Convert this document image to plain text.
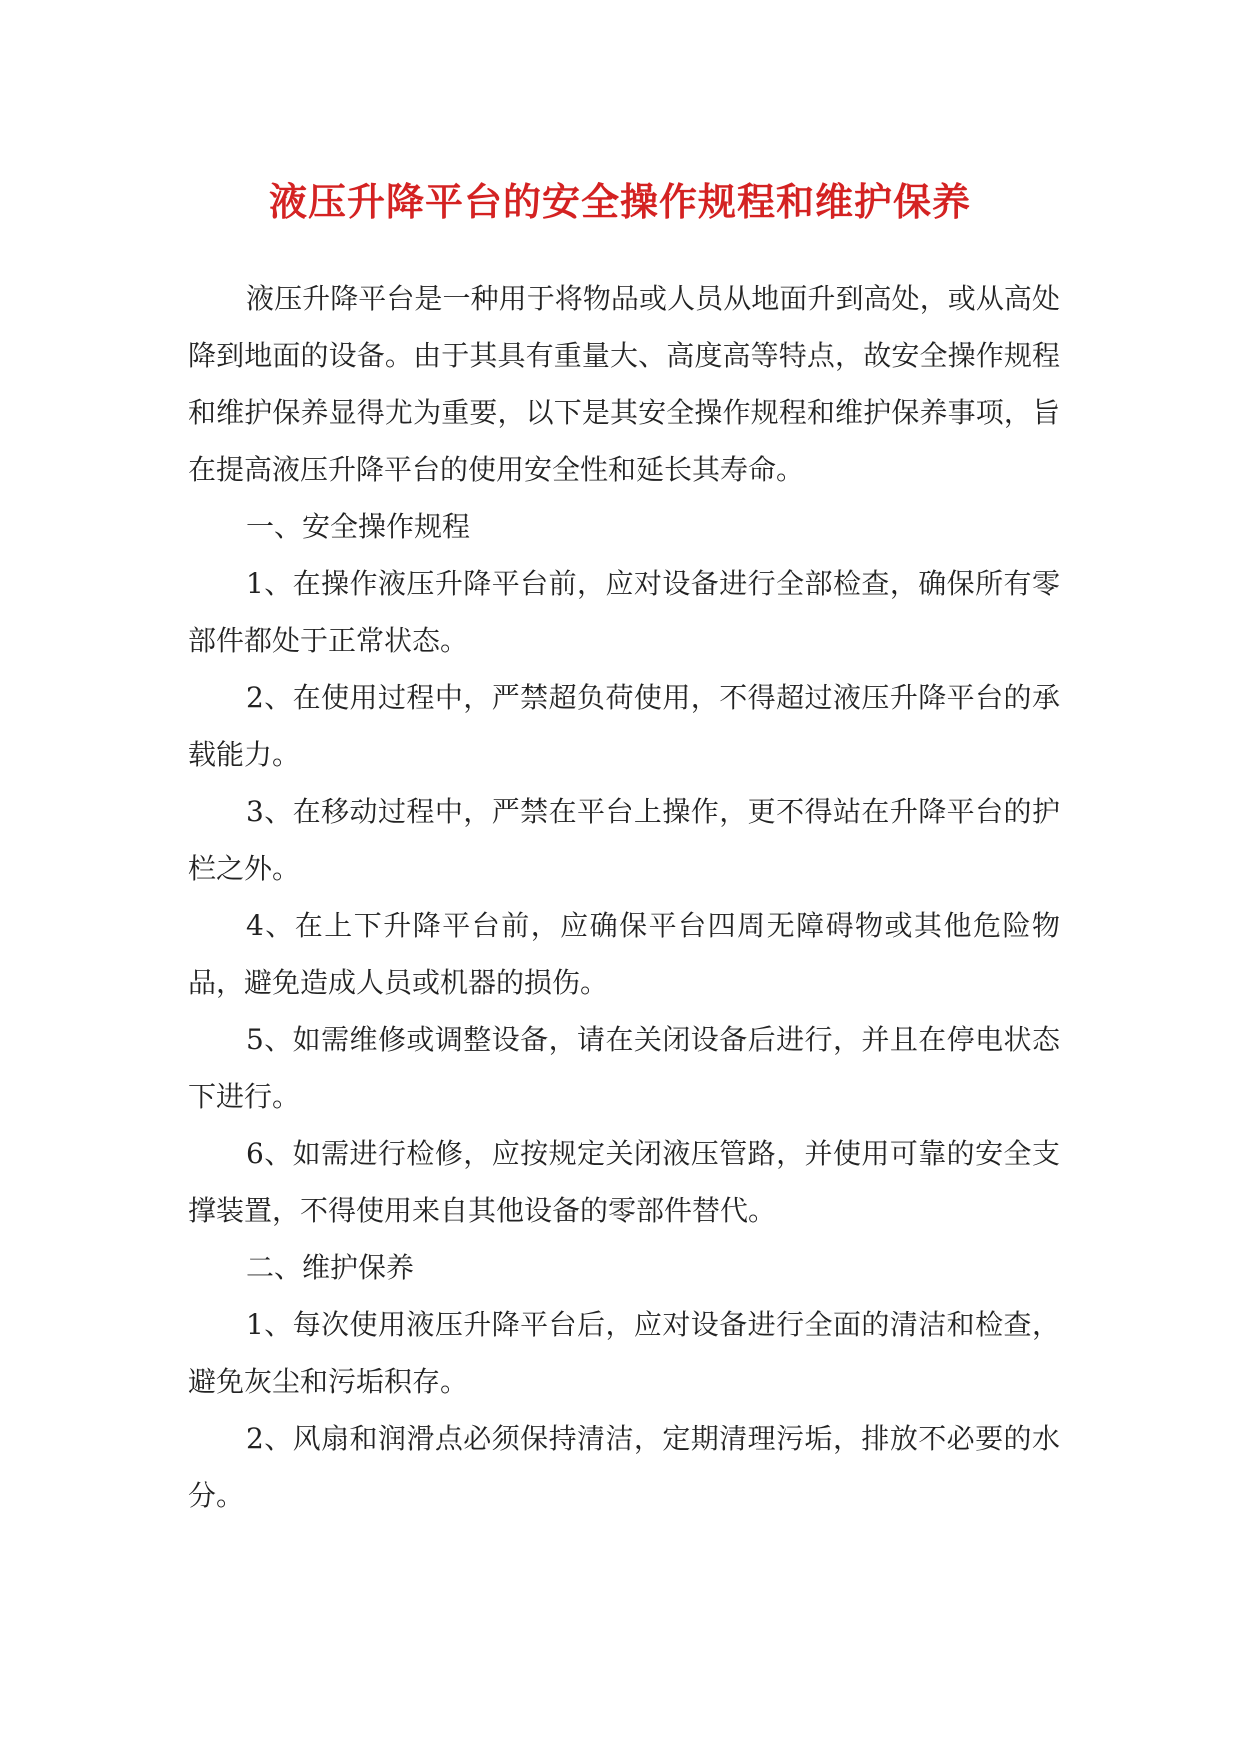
液压升降平台的安全操作规程和维护保养

液压升降平台是一种用于将物品或人员从地面升到高处，或从高处降到地面的设备。由于其具有重量大、高度高等特点，故安全操作规程和维护保养显得尤为重要，以下是其安全操作规程和维护保养事项，旨在提高液压升降平台的使用安全性和延长其寿命。

一、安全操作规程

1、在操作液压升降平台前，应对设备进行全部检查，确保所有零部件都处于正常状态。

2、在使用过程中，严禁超负荷使用，不得超过液压升降平台的承载能力。

3、在移动过程中，严禁在平台上操作，更不得站在升降平台的护栏之外。

4、在上下升降平台前，应确保平台四周无障碍物或其他危险物品，避免造成人员或机器的损伤。

5、如需维修或调整设备，请在关闭设备后进行，并且在停电状态下进行。

6、如需进行检修，应按规定关闭液压管路，并使用可靠的安全支撑装置，不得使用来自其他设备的零部件替代。

二、维护保养

1、每次使用液压升降平台后，应对设备进行全面的清洁和检查，避免灰尘和污垢积存。

2、风扇和润滑点必须保持清洁，定期清理污垢，排放不必要的水分。
